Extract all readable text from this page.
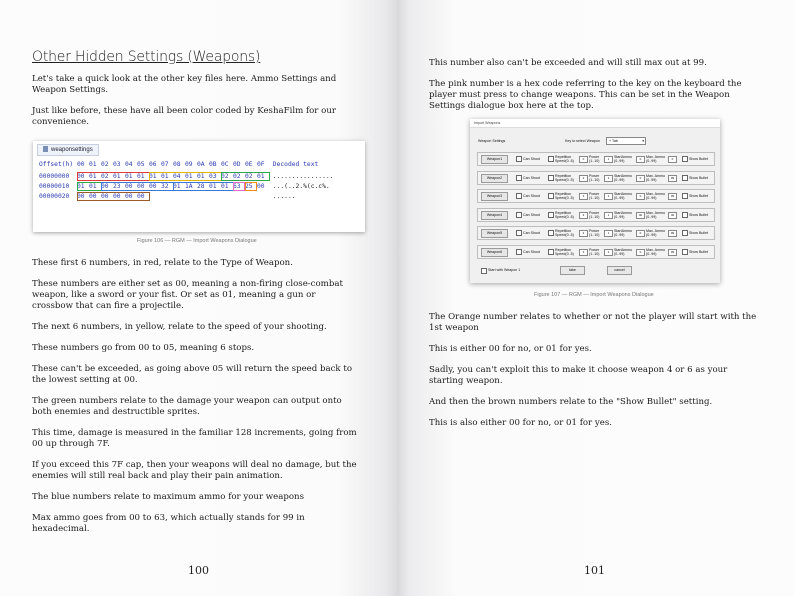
Other Hidden Settings (Weapons)

Let's take a quick look at the other key files here. Ammo Settings and Weapon Settings.

Just like before, these have all been color coded by KeshaFilm for our convenience.

weaponsettings
Offset(h) 00 01 02 03 04 05 06 07 08 09 0A 0B 0C 0D 0E 0F Decoded text
00000000 00 01 02 01 01 01 01 01 04 01 01 03 02 02 02 01 ................
00000010 01 01 00 23 00 00 00 32 01 1A 28 01 01 63 25 00 ...(..2.%(c.c%.
00000020 00 00 00 00 00 00	......
Figure 106 — RGM — Import Weapons Dialogue

These first 6 numbers, in red, relate to the Type of Weapon.

These numbers are either set as 00, meaning a non-firing close-combat weapon, like a sword or your fist. Or set as 01, meaning a gun or crossbow that can fire a projectile.

The next 6 numbers, in yellow, relate to the speed of your shooting.

These numbers go from 00 to 05, meaning 6 stops.

These can't be exceeded, as going above 05 will return the speed back to the lowest setting at 00.

The green numbers relate to the damage your weapon can output onto both enemies and destructible sprites.

This time, damage is measured in the familiar 128 increments, going from 00 up through 7F.

If you exceed this 7F cap, then your weapons will deal no damage, but the enemies will still real back and play their pain animation.

The blue numbers relate to maximum ammo for your weapons

Max ammo goes from 00 to 63, which actually stands for 99 in hexadecimal.

100

This number also can't be exceeded and will still max out at 99.

The pink number is a hex code referring to the key on the keyboard the player must press to change weapons. This can be set in the Weapon Settings dialogue box here at the top.

Figure 107 — RGM — Import Weapons Dialogue

The Orange number relates to whether or not the player will start with the 1st weapon

This is either 00 for no, or 01 for yes.

Sadly, you can't exploit this to make it choose weapon 4 or 6 as your starting weapon.

And then the brown numbers relate to the "Show Bullet" setting.

This is also either 00 for no, or 01 for yes.

101
Import Weapons
Weapon Settings	Key to select Weapon	+ Tab	▾
Weapon1	Can Shoot	Repetition Speed(0..5)	0	Power (1..10)	1	StartAmmo (0..99)	0	Max. Ammo (0..99)	0	Show Bullet
Weapon2	Can Shoot	Repetition Speed(0..5)	3	Power (1..10)	1	StartAmmo (0..99)	0	Max. Ammo (0..99)	99	Show Bullet
Weapon3	Can Shoot	Repetition Speed(0..5)	3	Power (1..10)	1	StartAmmo (0..99)	0	Max. Ammo (0..99)	99	Show Bullet
Weapon4	Can Shoot	Repetition Speed(0..5)	3	Power (1..10)	1	StartAmmo (0..99)	40	Max. Ammo (0..99)	40	Show Bullet
Weapon5	Can Shoot	Repetition Speed(0..5)	3	Power (1..10)	1	StartAmmo (0..99)	0	Max. Ammo (0..99)	99	Show Bullet
Weapon6	Can Shoot	Repetition Speed(0..5)	3	Power (1..10)	1	StartAmmo (0..99)	0	Max. Ammo (0..99)	99	Show Bullet
Start with Weapon 1	take	cancel
